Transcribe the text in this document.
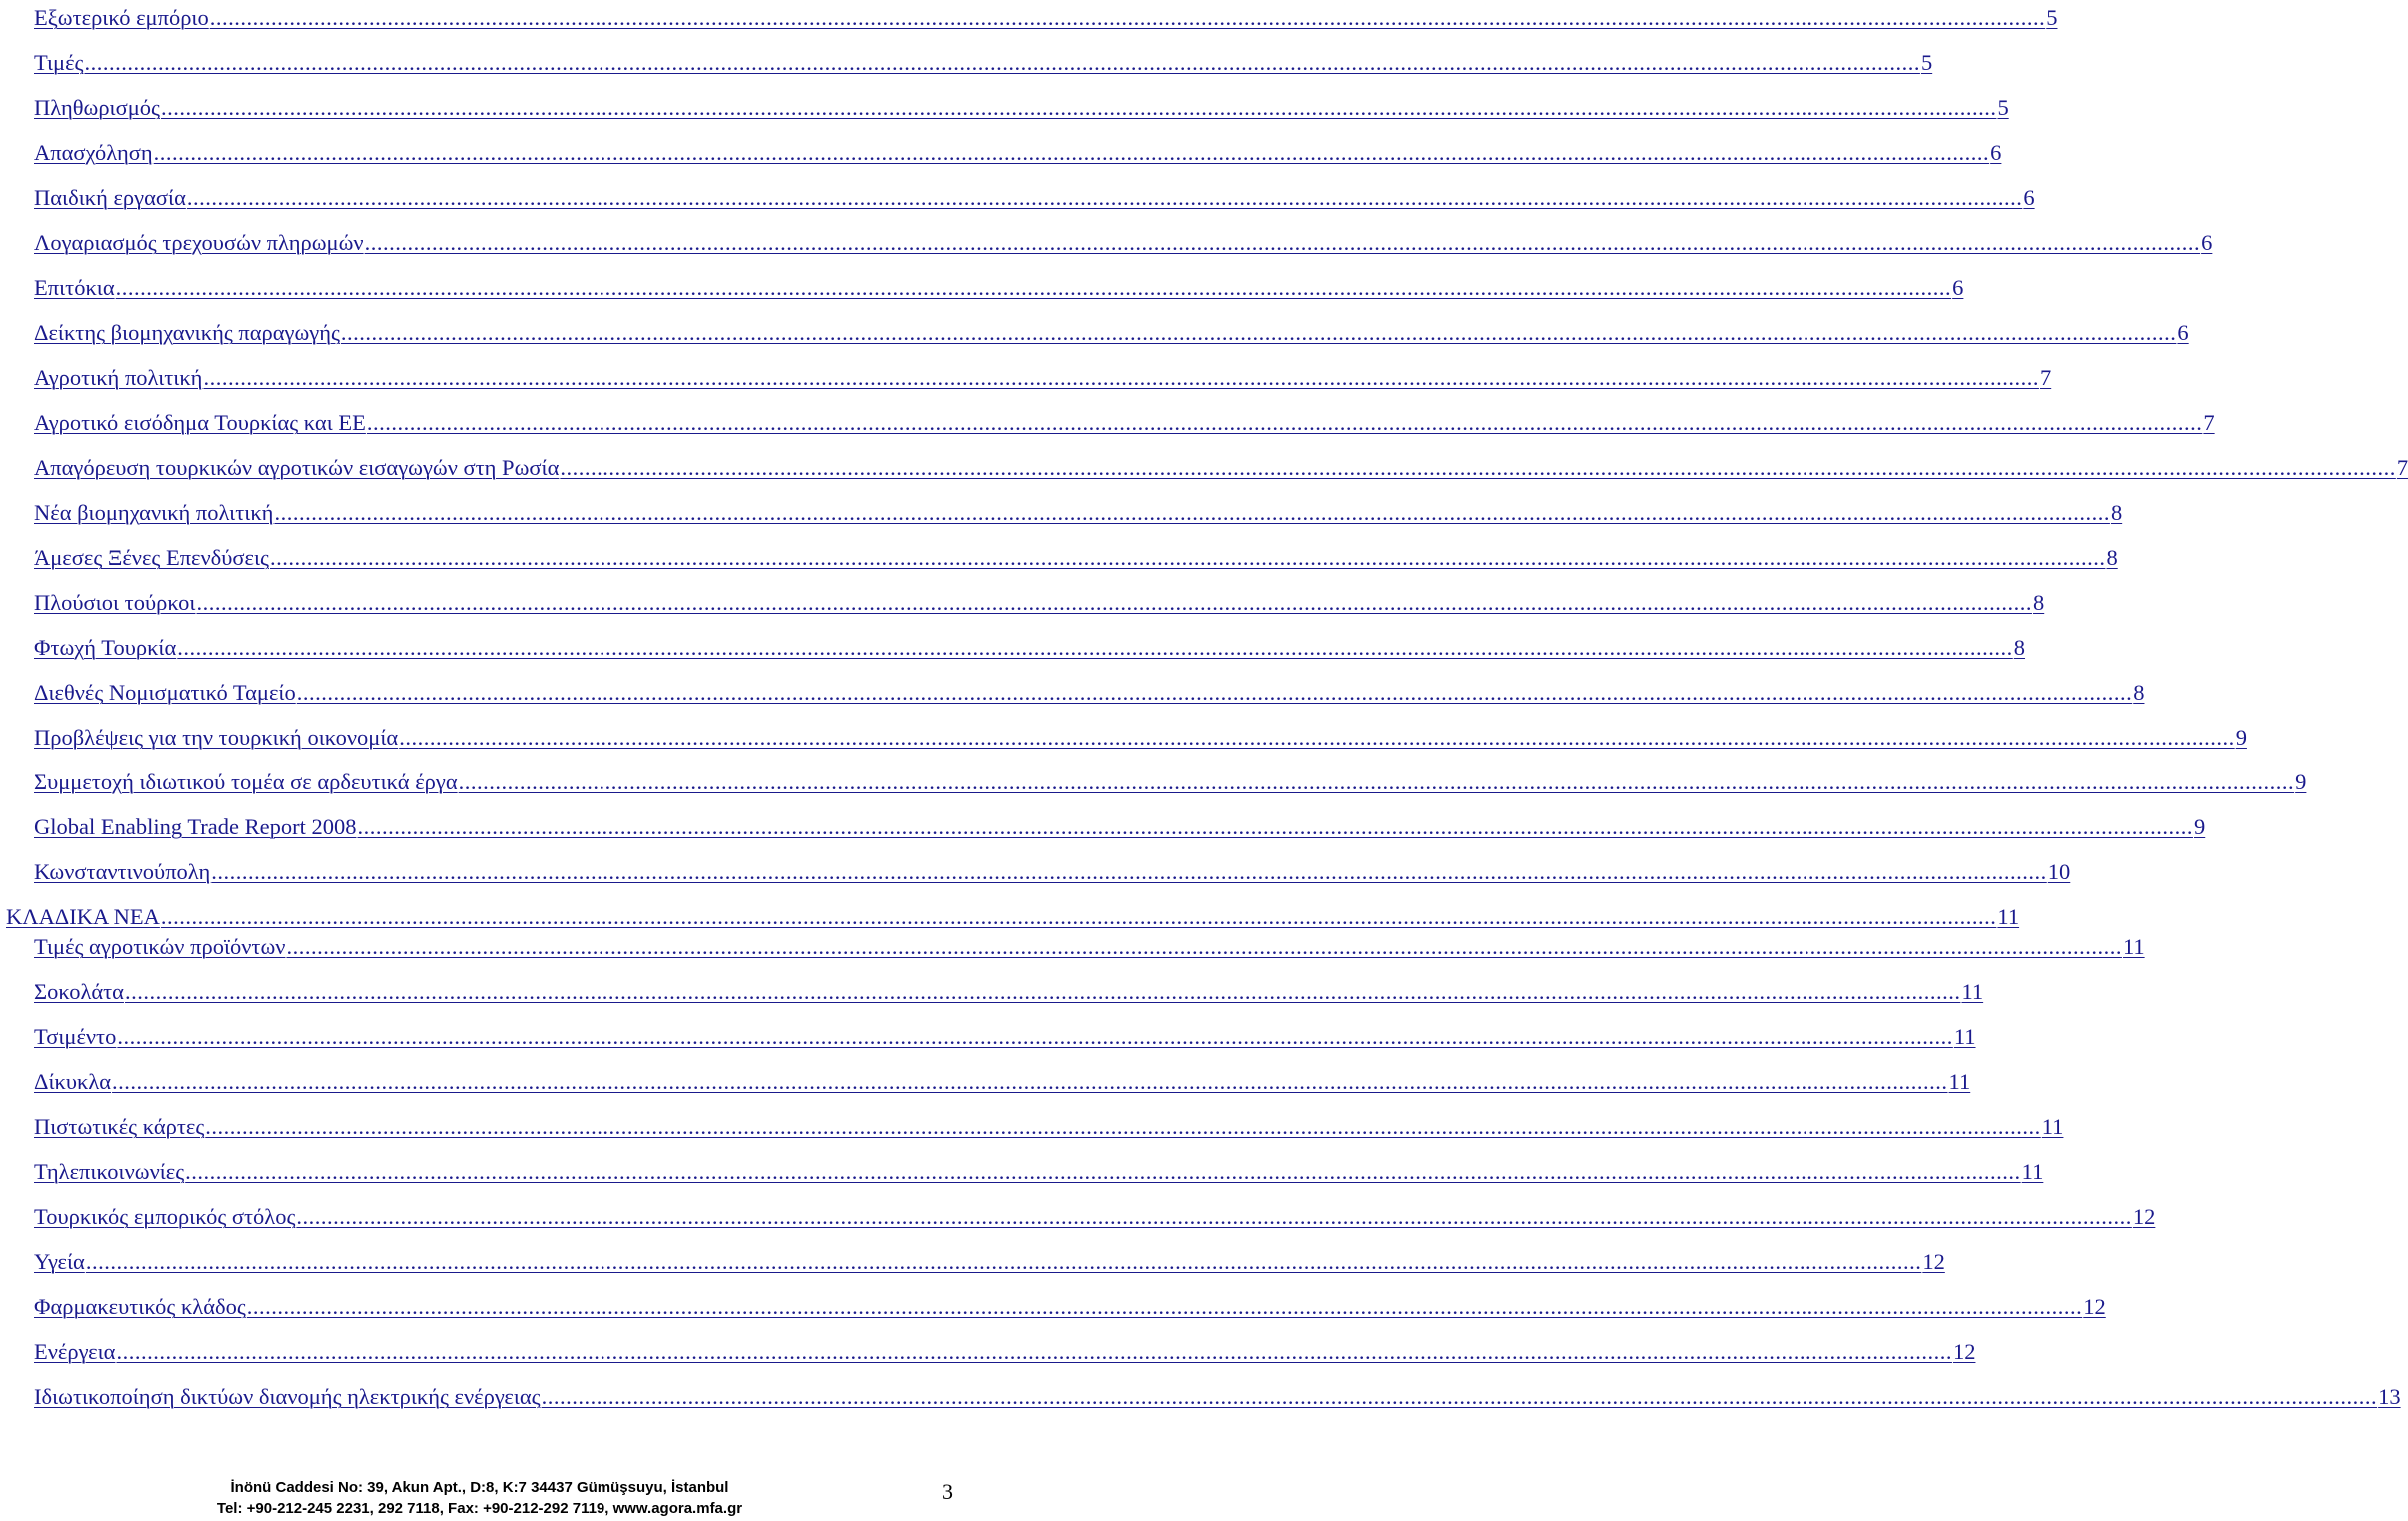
Εξωτερικό εμπόριο ............................................................................................................................................................................................................................................................................................................ 5
Τιμές ............................................................................................................................................................................................................................................................................................................ 5
Πληθωρισμός ............................................................................................................................................................................................................................................................................................................ 5
Απασχόληση ............................................................................................................................................................................................................................................................................................................ 6
Παιδική εργασία ............................................................................................................................................................................................................................................................................................................ 6
Λογαριασμός τρεχουσών πληρωμών ............................................................................................................................................................................................................................................................................................................ 6
Επιτόκια ............................................................................................................................................................................................................................................................................................................ 6
Δείκτης βιομηχανικής παραγωγής ............................................................................................................................................................................................................................................................................................................ 6
Αγροτική πολιτική ............................................................................................................................................................................................................................................................................................................ 7
Αγροτικό εισόδημα Τουρκίας και ΕΕ ............................................................................................................................................................................................................................................................................................................ 7
Απαγόρευση τουρκικών αγροτικών εισαγωγών στη Ρωσία ............................................................................................................................................................................................................................................................................................................ 7
Νέα βιομηχανική πολιτική ............................................................................................................................................................................................................................................................................................................ 8
Άμεσες Ξένες Επενδύσεις ............................................................................................................................................................................................................................................................................................................ 8
Πλούσιοι τούρκοι ............................................................................................................................................................................................................................................................................................................ 8
Φτωχή Τουρκία ............................................................................................................................................................................................................................................................................................................ 8
Διεθνές Νομισματικό Ταμείο ............................................................................................................................................................................................................................................................................................................ 8
Προβλέψεις για την τουρκική οικονομία ............................................................................................................................................................................................................................................................................................................ 9
Συμμετοχή ιδιωτικού τομέα σε αρδευτικά έργα ............................................................................................................................................................................................................................................................................................................ 9
Global Enabling Trade Report 2008 ............................................................................................................................................................................................................................................................................................................ 9
Κωνσταντινούπολη ............................................................................................................................................................................................................................................................................................................ 10
ΚΛΑΔΙΚΑ ΝΕΑ ............................................................................................................................................................................................................................................................................................................ 11
Τιμές αγροτικών προϊόντων ............................................................................................................................................................................................................................................................................................................ 11
Σοκολάτα ............................................................................................................................................................................................................................................................................................................ 11
Τσιμέντο ............................................................................................................................................................................................................................................................................................................ 11
Δίκυκλα ............................................................................................................................................................................................................................................................................................................ 11
Πιστωτικές κάρτες ............................................................................................................................................................................................................................................................................................................ 11
Τηλεπικοινωνίες ............................................................................................................................................................................................................................................................................................................ 11
Τουρκικός εμπορικός στόλος ............................................................................................................................................................................................................................................................................................................ 12
Υγεία ............................................................................................................................................................................................................................................................................................................ 12
Φαρμακευτικός κλάδος ............................................................................................................................................................................................................................................................................................................ 12
Ενέργεια ............................................................................................................................................................................................................................................................................................................ 12
Ιδιωτικοποίηση δικτύων διανομής ηλεκτρικής ενέργειας ............................................................................................................................................................................................................................................................................................................ 13
İnönü Caddesi No: 39, Akun Apt., D:8, K:7 34437 Gümüşsuyu, İstanbul
Tel: +90-212-245 2231, 292 7118, Fax: +90-212-292 7119, www.agora.mfa.gr
3
